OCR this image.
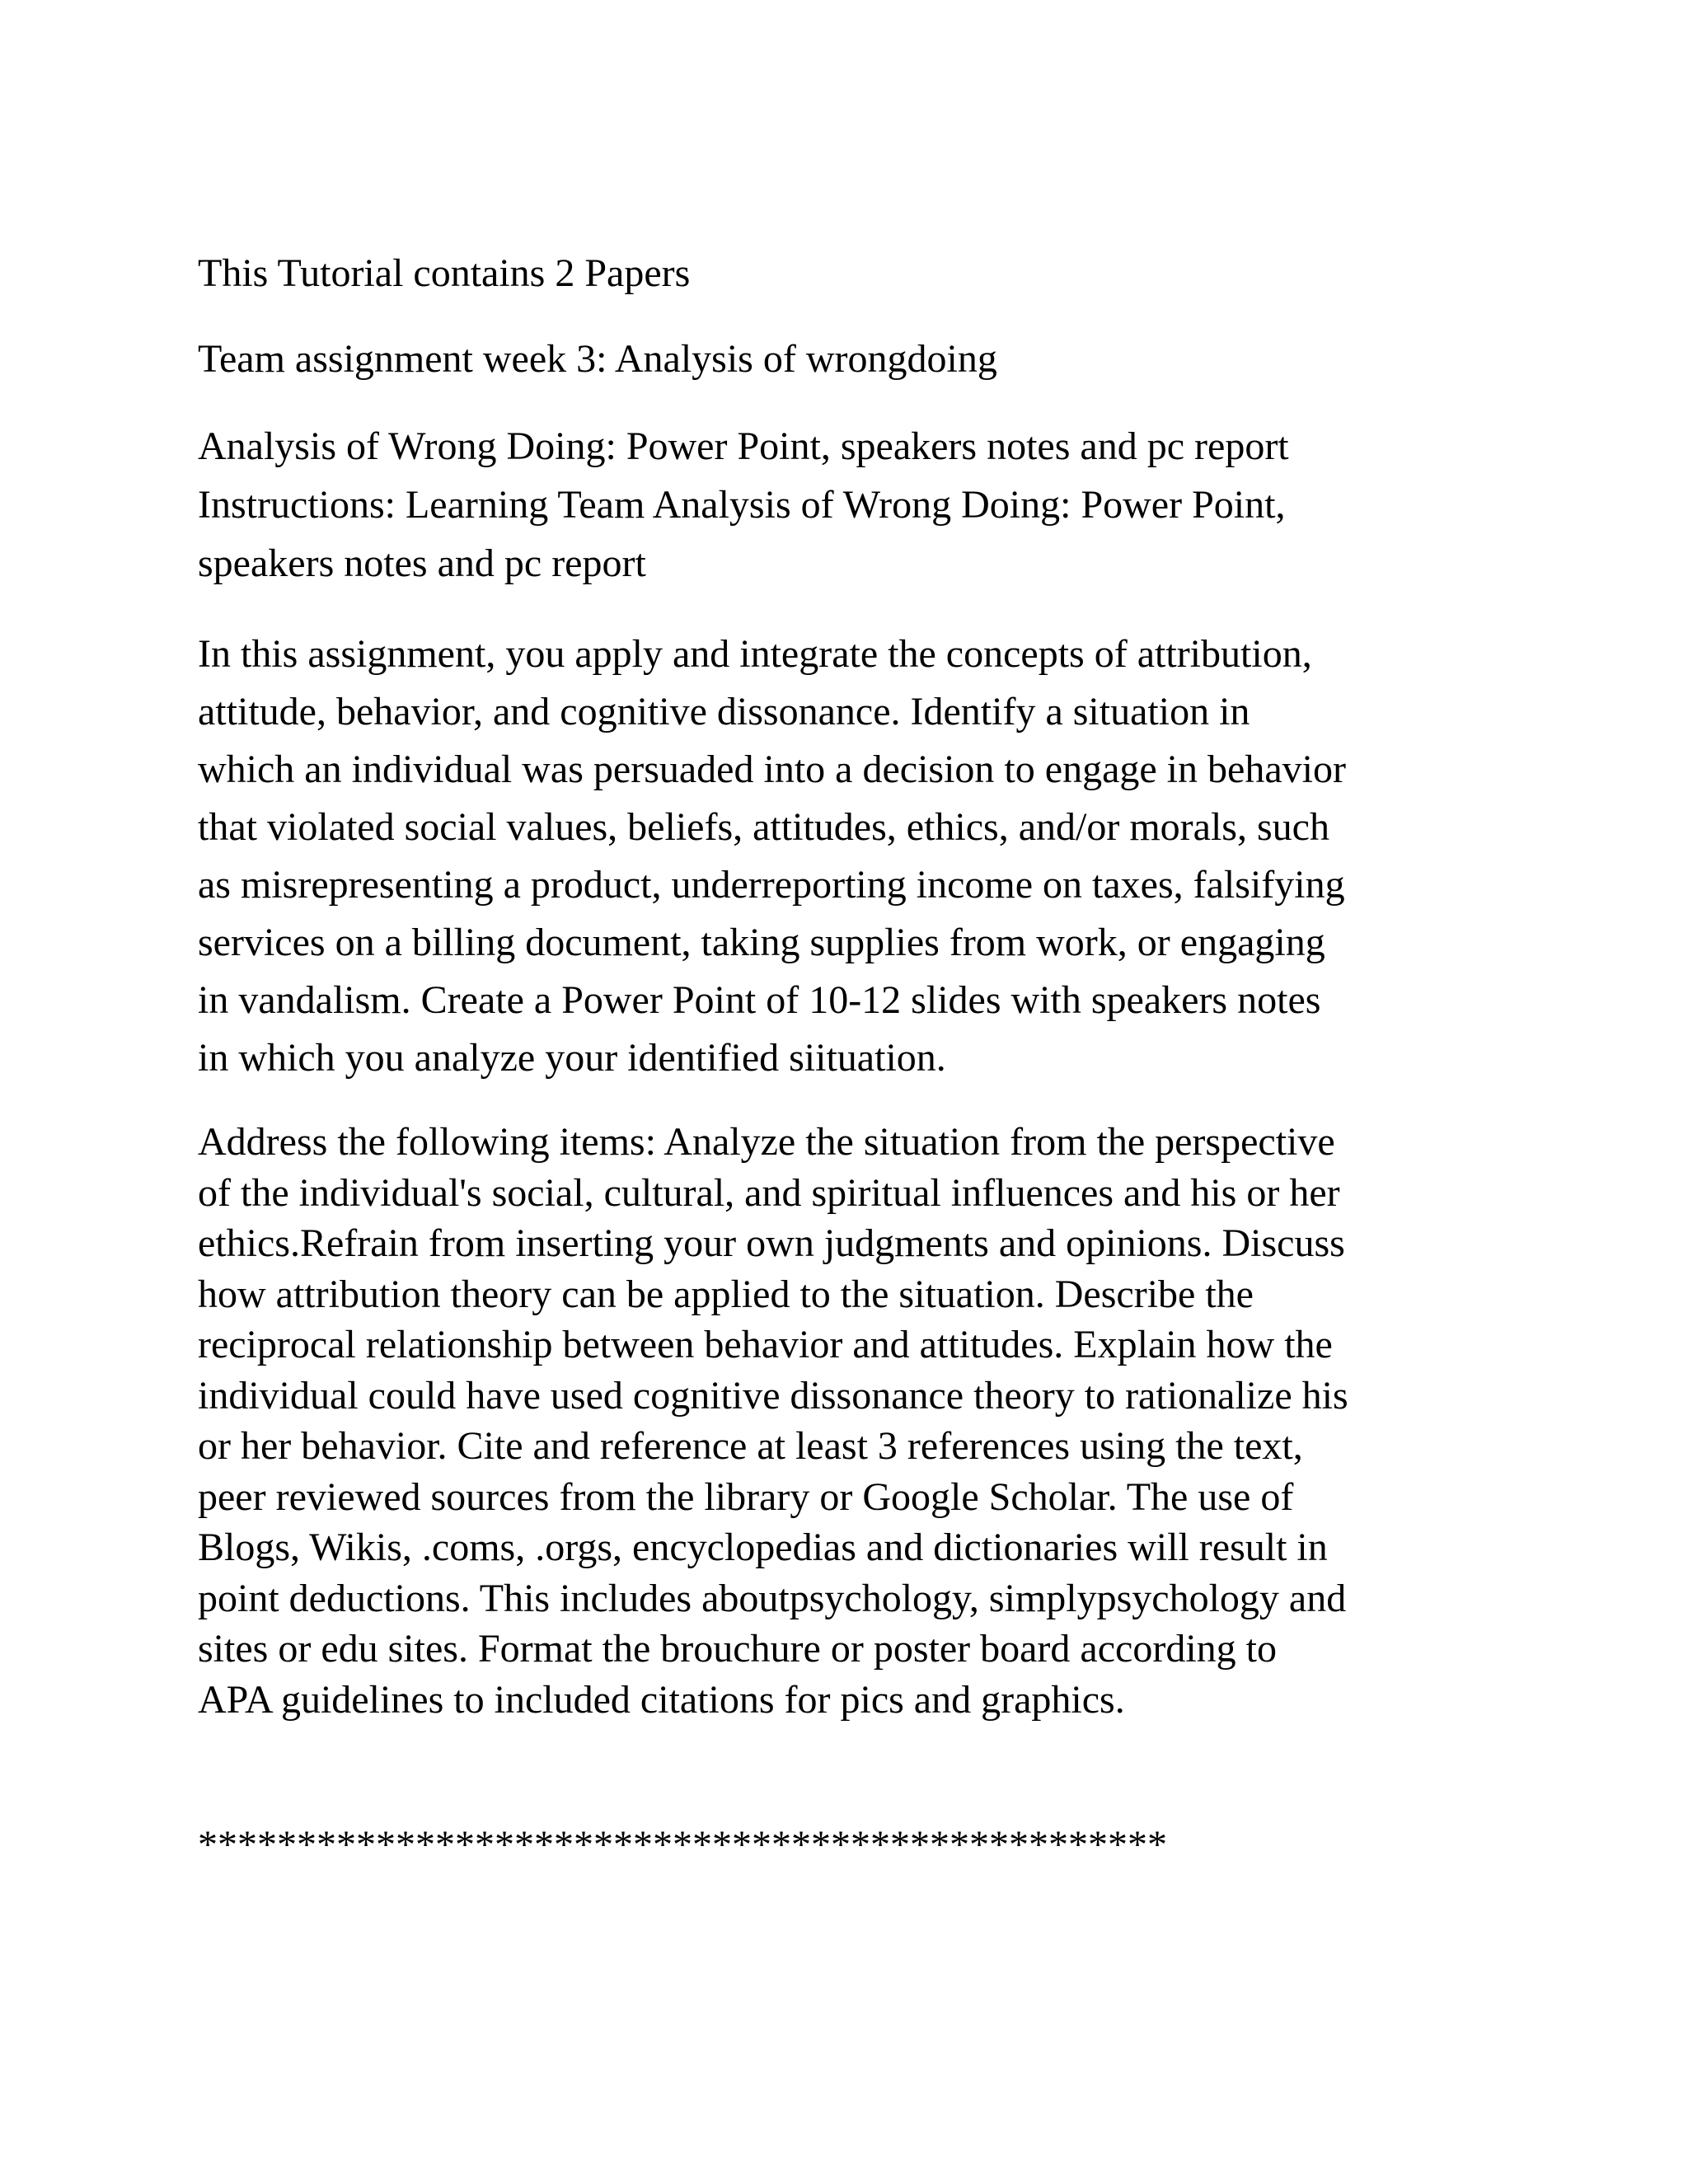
This Tutorial contains 2 Papers
Team assignment week 3: Analysis of wrongdoing
Analysis of Wrong Doing: Power Point, speakers notes and pc report
Instructions: Learning Team Analysis of Wrong Doing: Power Point,
speakers notes and pc report
In this assignment, you apply and integrate the concepts of attribution,
attitude, behavior, and cognitive dissonance. Identify a situation in
which an individual was persuaded into a decision to engage in behavior
that violated social values, beliefs, attitudes, ethics, and/or morals, such
as misrepresenting a product, underreporting income on taxes, falsifying
services on a billing document, taking supplies from work, or engaging
in vandalism. Create a Power Point of 10-12 slides with speakers notes
in which you analyze your identified siituation.
Address the following items: Analyze the situation from the perspective
of the individual's social, cultural, and spiritual influences and his or her
ethics.Refrain from inserting your own judgments and opinions. Discuss
how attribution theory can be applied to the situation. Describe the
reciprocal relationship between behavior and attitudes. Explain how the
individual could have used cognitive dissonance theory to rationalize his
or her behavior. Cite and reference at least 3 references using the text,
peer reviewed sources from the library or Google Scholar. The use of
Blogs, Wikis, .coms, .orgs, encyclopedias and dictionaries will result in
point deductions. This includes aboutpsychology, simplypsychology and
sites or edu sites. Format the brouchure or poster board according to
APA guidelines to included citations for pics and graphics.
*************************************************
